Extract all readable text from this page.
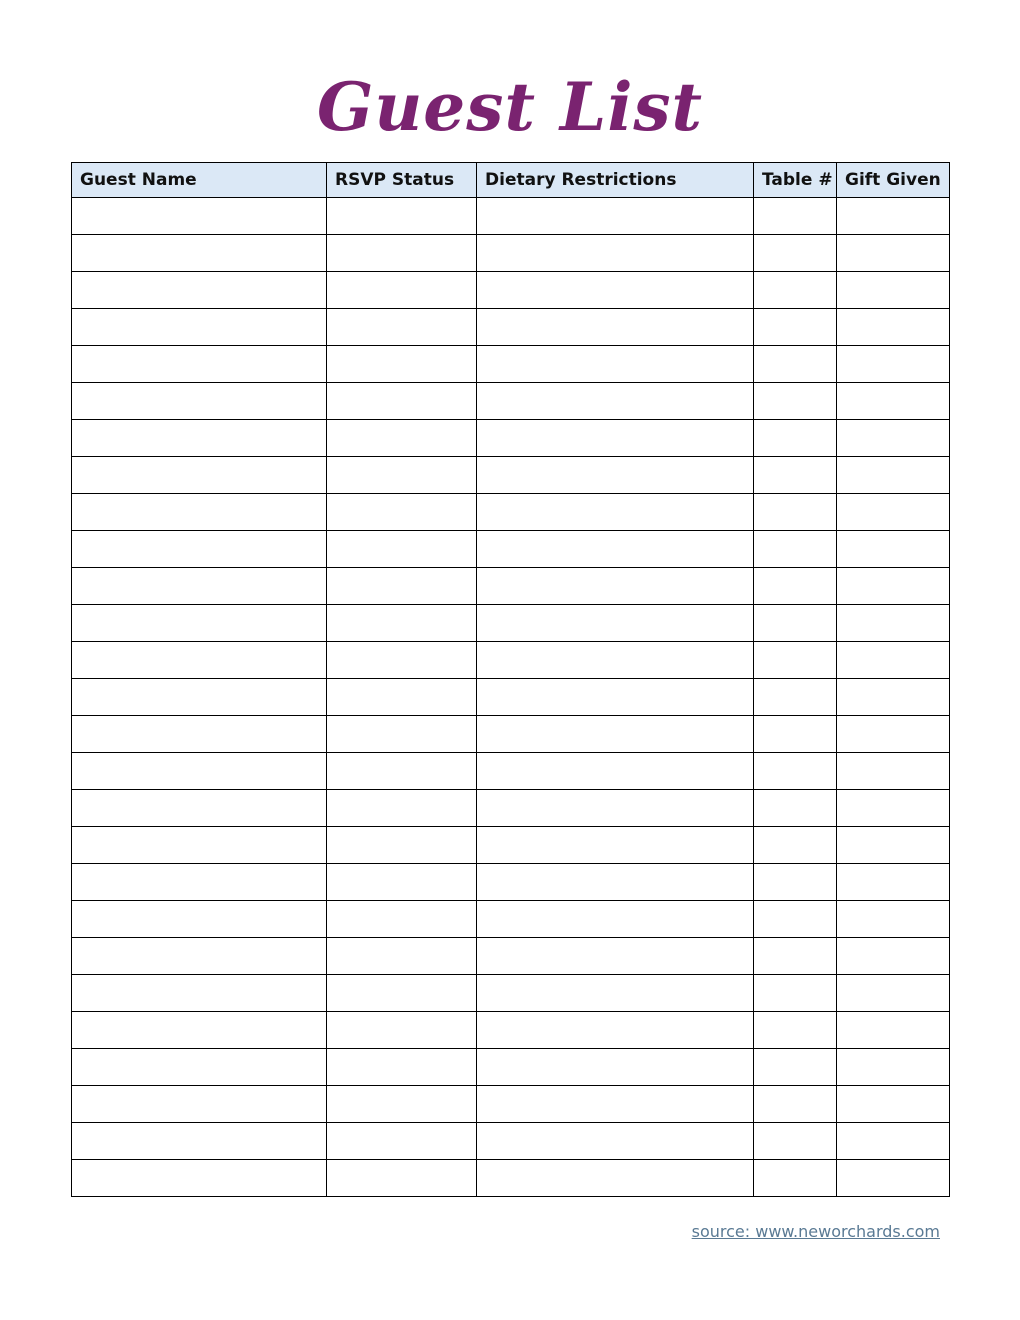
Guest List
Guest Name	RSVP Status	Dietary Restrictions	Table #	Gift Given

source: www.neworchards.com
